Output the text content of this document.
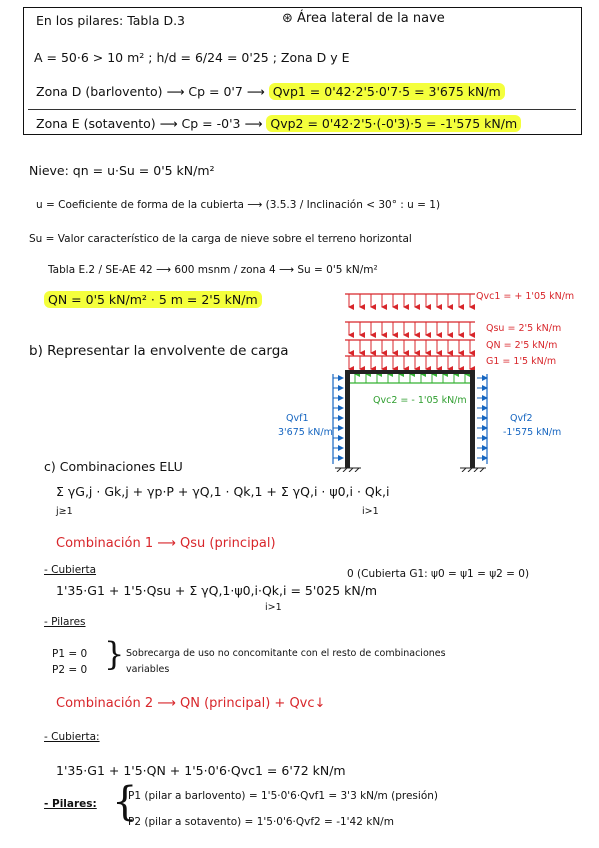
En los pilares: Tabla D.3	⊛ Área lateral de la nave
A = 50·6 > 10 m² ; h/d = 6/24 = 0'25 ; Zona D y E
Zona D (barlovento) ⟶ Cp = 0'7 ⟶ Qvp1 = 0'42·2'5·0'7·5 = 3'675 kN/m
Zona E (sotavento) ⟶ Cp = -0'3 ⟶ Qvp2 = 0'42·2'5·(-0'3)·5 = -1'575 kN/m
Nieve: qn = u·Su = 0'5 kN/m²
u = Coeficiente de forma de la cubierta ⟶ (3.5.3 / Inclinación < 30° : u = 1)
Su = Valor característico de la carga de nieve sobre el terreno horizontal
Tabla E.2 / SE-AE 42 ⟶ 600 msnm / zona 4 ⟶ Su = 0'5 kN/m²
QN = 0'5 kN/m² · 5 m = 2'5 kN/m
b) Representar la envolvente de carga
Qvc1 = + 1'05 kN/m
Qsu = 2'5 kN/m
QN = 2'5 kN/m
G1 = 1'5 kN/m
Qvc2 = - 1'05 kN/m
Qvf1
3'675 kN/m
Qvf2
-1'575 kN/m
c) Combinaciones ELU
Σ γG,j · Gk,j + γp·P + γQ,1 · Qk,1 + Σ γQ,i · ψ0,i · Qk,i
j≥1	i>1
Combinación 1 ⟶ Qsu (principal)
- Cubierta	0 (Cubierta G1: ψ0 = ψ1 = ψ2 = 0)
1'35·G1 + 1'5·Qsu + Σ γQ,1·ψ0,i·Qk,i = 5'025 kN/m
i>1
- Pilares
P1 = 0
P2 = 0 } Sobrecarga de uso no concomitante con el resto de combinaciones
variables
Combinación 2 ⟶ QN (principal) + Qvc↓
- Cubierta:
1'35·G1 + 1'5·QN + 1'5·0'6·Qvc1 = 6'72 kN/m
- Pilares: {
P1 (pilar a barlovento) = 1'5·0'6·Qvf1 = 3'3 kN/m (presión)
P2 (pilar a sotavento) = 1'5·0'6·Qvf2 = -1'42 kN/m
